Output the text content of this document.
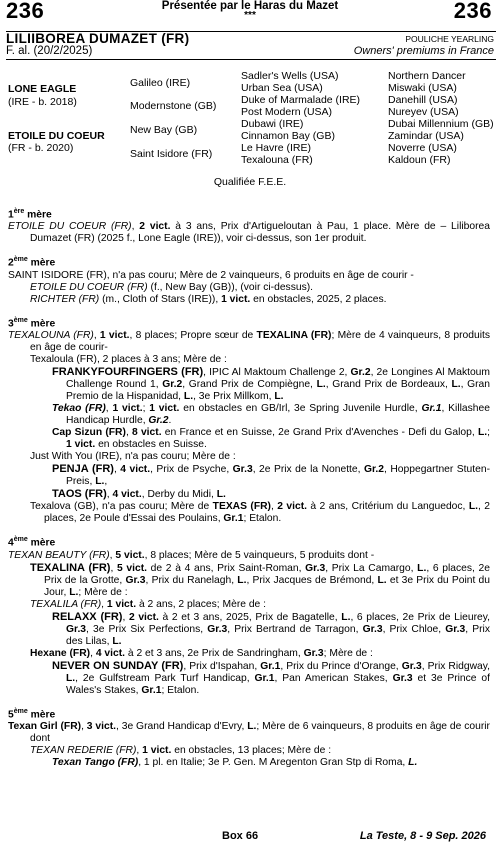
236	Présentée par le Haras du Mazet
***	236
LILIIBOREA DUMAZET (FR)	POULICHE YEARLING
F. al. (20/2/2025)	Owners' premiums in France
LONE EAGLE
(IRE - b. 2018)
ETOILE DU COEUR
(FR - b. 2020)
Galileo (IRE)
Modernstone (GB)
New Bay (GB)
Saint Isidore (FR)
Sadler's Wells (USA)
Urban Sea (USA)
Duke of Marmalade (IRE)
Post Modern (USA)
Dubawi (IRE)
Cinnamon Bay (GB)
Le Havre (IRE)
Texalouna (FR)
Northern Dancer
Miswaki (USA)
Danehill (USA)
Nureyev (USA)
Dubai Millennium (GB)
Zamindar (USA)
Noverre (USA)
Kaldoun (FR)
Qualifiée F.E.E.

1ère mère

ETOILE DU COEUR (FR), 2 vict. à 3 ans, Prix d'Artigueloutan à Pau, 1 place. Mère de – Liliborea Dumazet (FR) (2025 f., Lone Eagle (IRE)), voir ci-dessus, son 1er produit.

2ème mère

SAINT ISIDORE (FR), n'a pas couru; Mère de 2 vainqueurs, 6 produits en âge de courir -

ETOILE DU COEUR (FR) (f., New Bay (GB)), (voir ci-dessus).

RICHTER (FR) (m., Cloth of Stars (IRE)), 1 vict. en obstacles, 2025, 2 places.

3ème mère

TEXALOUNA (FR), 1 vict., 8 places; Propre sœur de TEXALINA (FR); Mère de 4 vainqueurs, 8 produits en âge de courir-

Texaloula (FR), 2 places à 3 ans; Mère de :

FRANKYFOURFINGERS (FR), IPIC Al Maktoum Challenge 2, Gr.2, 2e Longines Al Maktoum Challenge Round 1, Gr.2, Grand Prix de Compiègne, L., Grand Prix de Bordeaux, L., Gran Premio de la Hispanidad, L., 3e Prix Millkom, L.

Tekao (FR), 1 vict.; 1 vict. en obstacles en GB/Irl, 3e Spring Juvenile Hurdle, Gr.1, Killashee Handicap Hurdle, Gr.2.

Cap Sizun (FR), 8 vict. en France et en Suisse, 2e Grand Prix d'Avenches - Defi du Galop, L.; 1 vict. en obstacles en Suisse.

Just With You (IRE), n'a pas couru; Mère de :

PENJA (FR), 4 vict., Prix de Psyche, Gr.3, 2e Prix de la Nonette, Gr.2, Hoppegartner Stuten-Preis, L.,

TAOS (FR), 4 vict., Derby du Midi, L.

Texalova (GB), n'a pas couru; Mère de TEXAS (FR), 2 vict. à 2 ans, Critérium du Languedoc, L., 2 places, 2e Poule d'Essai des Poulains, Gr.1; Etalon.

4ème mère

TEXAN BEAUTY (FR), 5 vict., 8 places; Mère de 5 vainqueurs, 5 produits dont -

TEXALINA (FR), 5 vict. de 2 à 4 ans, Prix Saint-Roman, Gr.3, Prix La Camargo, L., 6 places, 2e Prix de la Grotte, Gr.3, Prix du Ranelagh, L., Prix Jacques de Brémond, L. et 3e Prix du Point du Jour, L.; Mère de :

TEXALILA (FR), 1 vict. à 2 ans, 2 places; Mère de :

RELAXX (FR), 2 vict. à 2 et 3 ans, 2025, Prix de Bagatelle, L., 6 places, 2e Prix de Lieurey, Gr.3, 3e Prix Six Perfections, Gr.3, Prix Bertrand de Tarragon, Gr.3, Prix Chloe, Gr.3, Prix des Lilas, L.

Hexane (FR), 4 vict. à 2 et 3 ans, 2e Prix de Sandringham, Gr.3; Mère de :

NEVER ON SUNDAY (FR), Prix d'Ispahan, Gr.1, Prix du Prince d'Orange, Gr.3, Prix Ridgway, L., 2e Gulfstream Park Turf Handicap, Gr.1, Pan American Stakes, Gr.3 et 3e Prince of Wales's Stakes, Gr.1; Etalon.

5ème mère

Texan Girl (FR), 3 vict., 3e Grand Handicap d'Evry, L.; Mère de 6 vainqueurs, 8 produits en âge de courir dont

TEXAN REDERIE (FR), 1 vict. en obstacles, 13 places; Mère de :

Texan Tango (FR), 1 pl. en Italie; 3e P. Gen. M Aregenton Gran Stp di Roma, L.

Box 66	La Teste, 8 - 9 Sep. 2026
